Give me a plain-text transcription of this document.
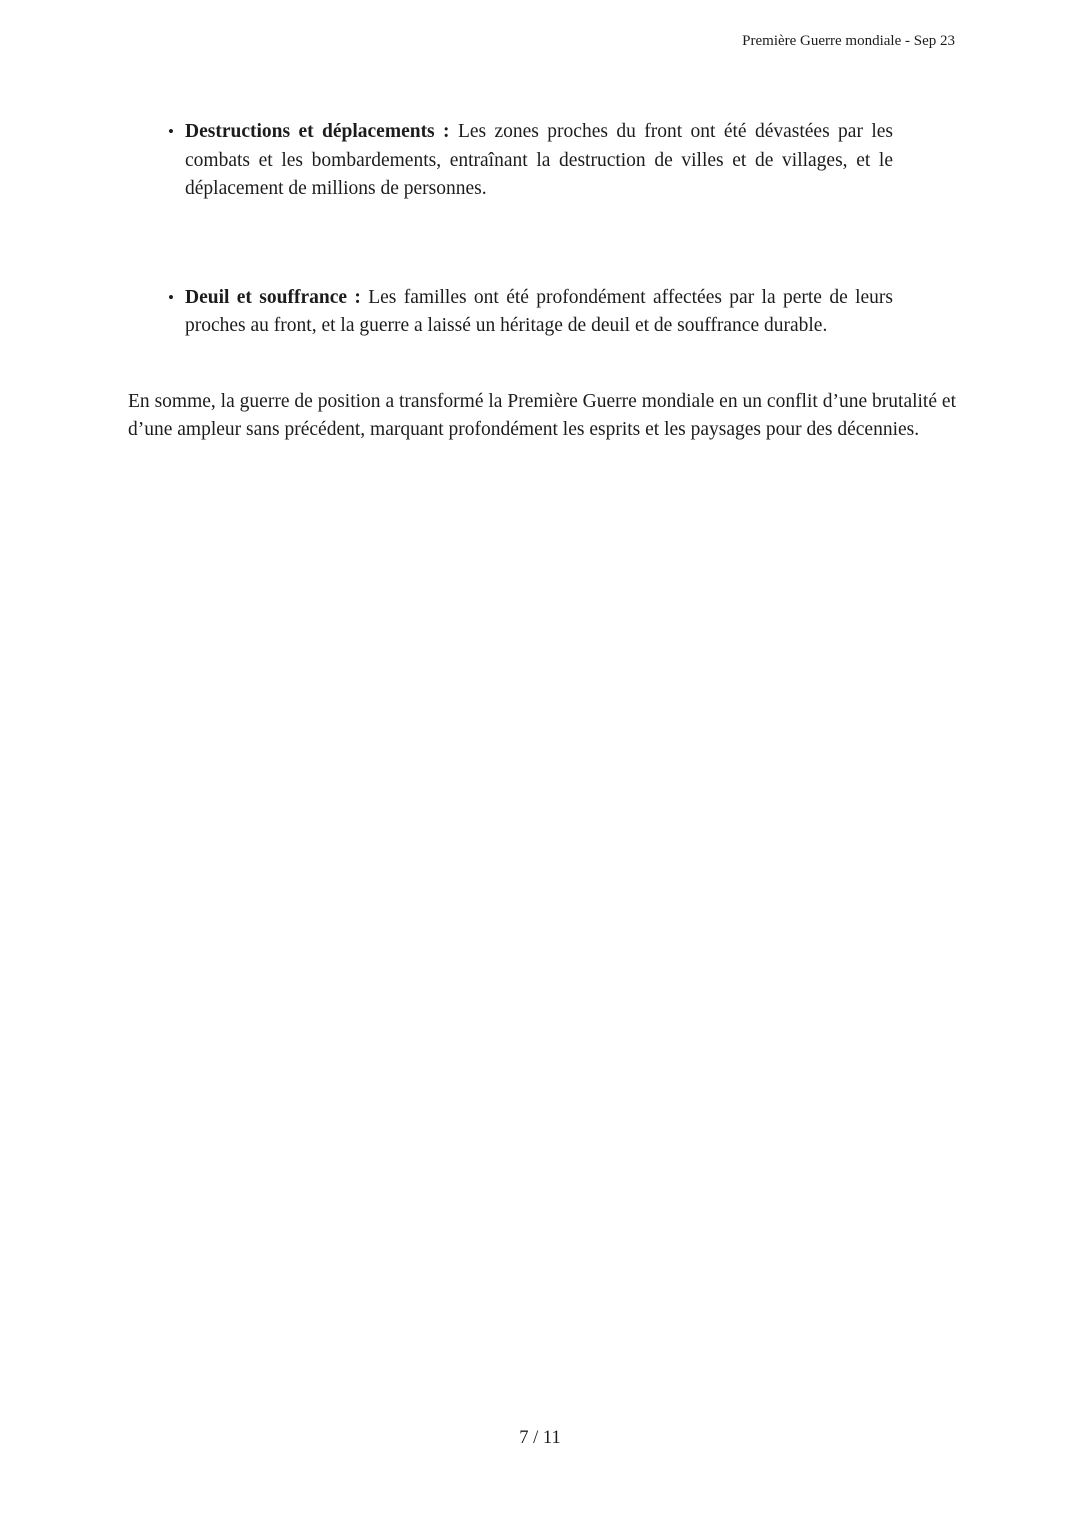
Première Guerre mondiale - Sep 23
• Destructions et déplacements : Les zones proches du front ont été dévastées par les combats et les bombardements, entraînant la destruction de villes et de villages, et le déplacement de millions de personnes.
• Deuil et souffrance : Les familles ont été profondément affectées par la perte de leurs proches au front, et la guerre a laissé un héritage de deuil et de souffrance durable.
En somme, la guerre de position a transformé la Première Guerre mondiale en un conflit d’une brutalité et d’une ampleur sans précédent, marquant profondément les esprits et les paysages pour des décennies.
7 / 11
